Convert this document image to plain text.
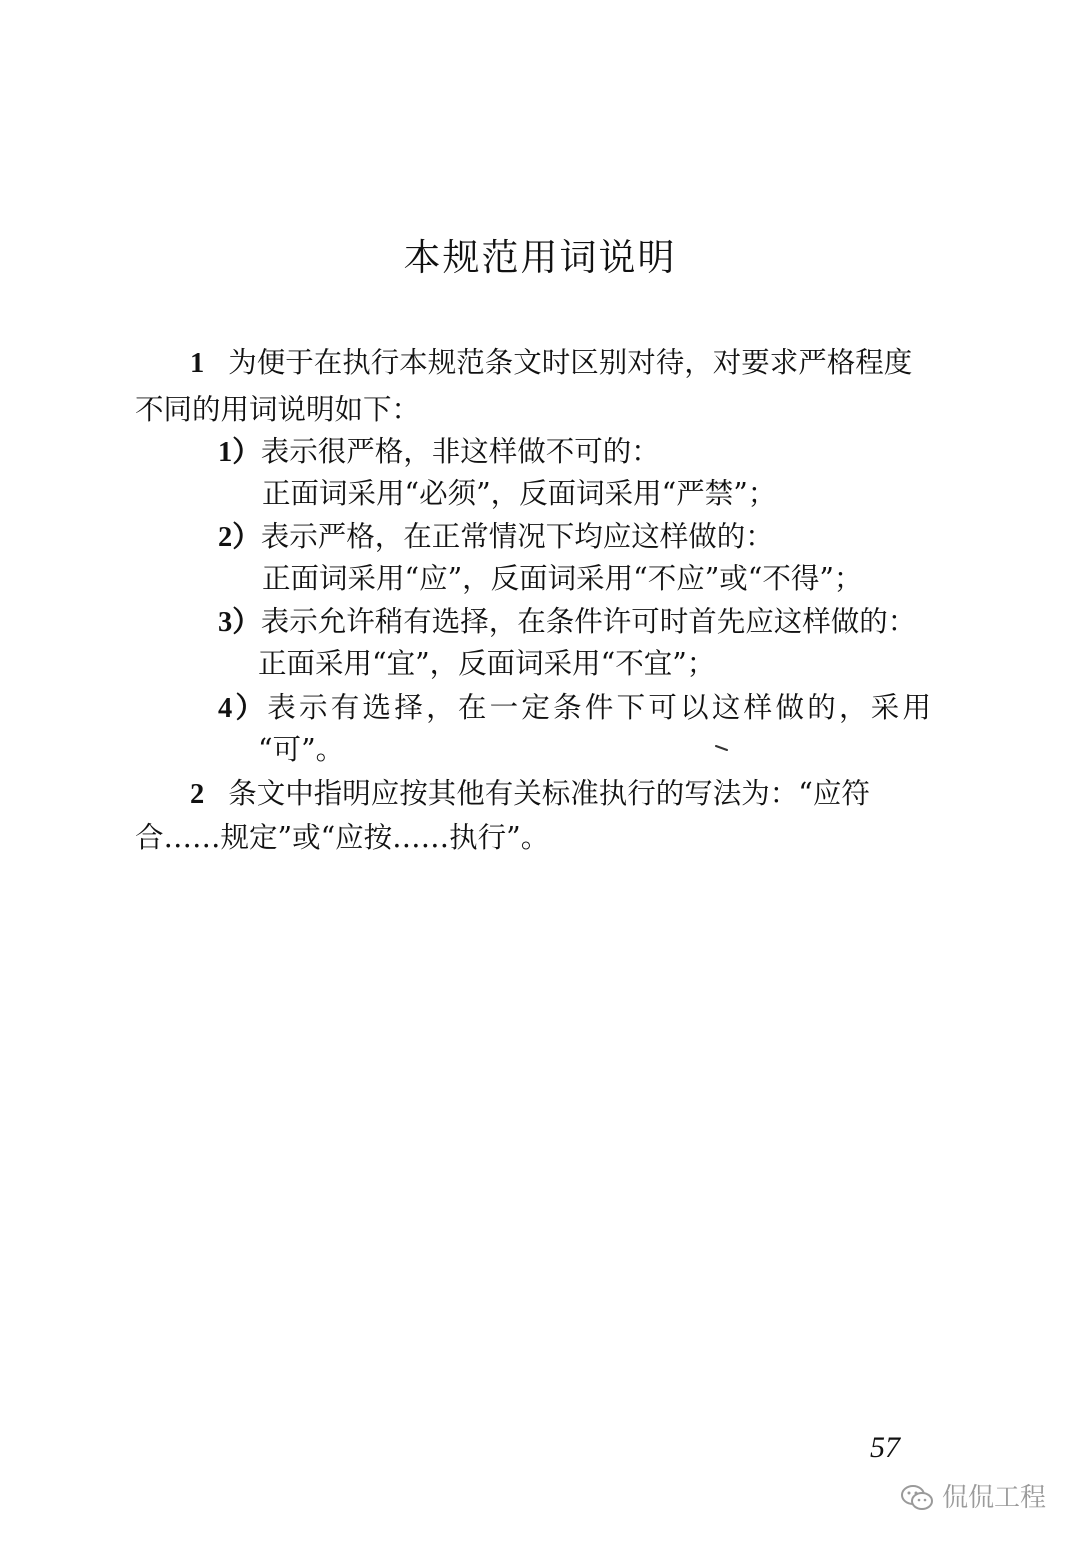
本规范用词说明
1 为便于在执行本规范条文时区别对待，对要求严格程度
不同的用词说明如下：
1）表示很严格，非这样做不可的：
正面词采用“必须”，反面词采用“严禁”；
2）表示严格，在正常情况下均应这样做的：
正面词采用“应”，反面词采用“不应”或“不得”；
3）表示允许稍有选择，在条件许可时首先应这样做的：
正面采用“宜”，反面词采用“不宜”；
4）表示有选择，在一定条件下可以这样做的，采用
“可”。
2 条文中指明应按其他有关标准执行的写法为：“应符
合……规定”或“应按……执行”。
57
侃侃工程
